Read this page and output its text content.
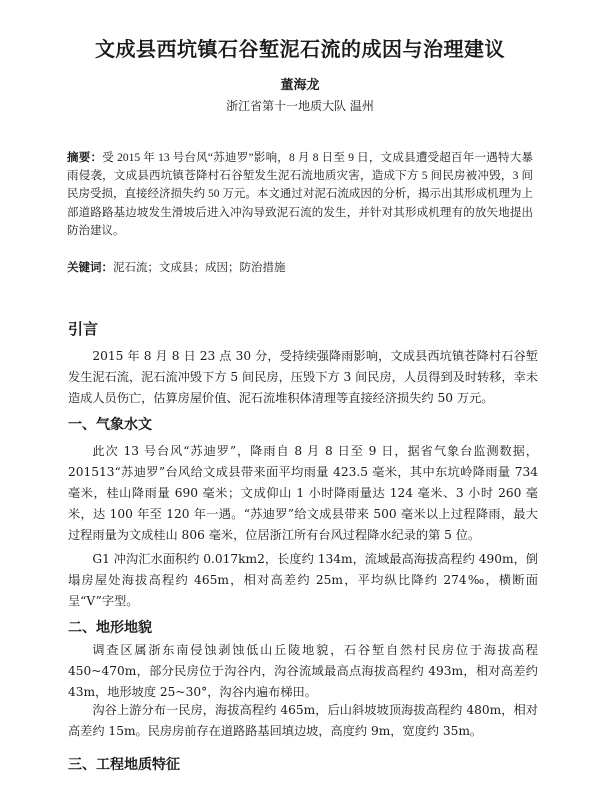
文成县西坑镇石谷堑泥石流的成因与治理建议
董海龙
浙江省第十一地质大队 温州

摘要：受 2015 年 13 号台风“苏迪罗”影响，8 月 8 日至 9 日，文成县遭受超百年一遇特大暴雨侵袭，文成县西坑镇苍降村石谷堑发生泥石流地质灾害，造成下方 5 间民房被冲毁，3 间民房受损，直接经济损失约 50 万元。本文通过对泥石流成因的分析，揭示出其形成机理为上部道路路基边坡发生滑坡后进入冲沟导致泥石流的发生，并针对其形成机理有的放矢地提出防治建议。

关键词：泥石流；文成县；成因；防治措施

引言

2015 年 8 月 8 日 23 点 30 分，受持续强降雨影响，文成县西坑镇苍降村石谷堑发生泥石流，泥石流冲毁下方 5 间民房，压毁下方 3 间民房，人员得到及时转移，幸未造成人员伤亡，估算房屋价值、泥石流堆积体清理等直接经济损失约 50 万元。

一、气象水文

此次 13 号台风“苏迪罗”，降雨自 8 月 8 日至 9 日，据省气象台监测数据，201513“苏迪罗”台风给文成县带来面平均雨量 423.5 毫米，其中东坑岭降雨量 734 毫米，桂山降雨量 690 毫米；文成仰山 1 小时降雨量达 124 毫米、3 小时 260 毫米，达 100 年至 120 年一遇。“苏迪罗”给文成县带来 500 毫米以上过程降雨，最大过程雨量为文成桂山 806 毫米，位居浙江所有台风过程降水纪录的第 5 位。

G1 冲沟汇水面积约 0.017km2，长度约 134m，流域最高海拔高程约 490m，倒塌房屋处海拔高程约 465m，相对高差约 25m，平均纵比降约 274‰，横断面呈“V”字型。

二、地形地貌

调查区属浙东南侵蚀剥蚀低山丘陵地貌，石谷堑自然村民房位于海拔高程 450~470m，部分民房位于沟谷内，沟谷流域最高点海拔高程约 493m，相对高差约 43m，地形坡度 25~30°，沟谷内遍布梯田。

沟谷上游分布一民房，海拔高程约 465m，后山斜坡坡顶海拔高程约 480m，相对高差约 15m。民房房前存在道路路基回填边坡，高度约 9m，宽度约 35m。

三、工程地质特征
